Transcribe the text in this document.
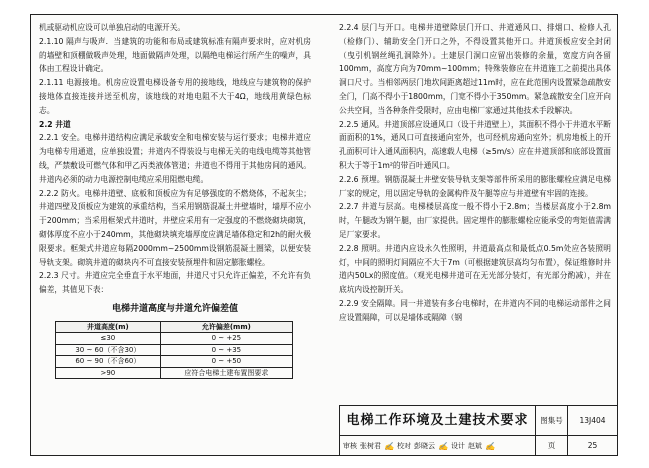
机或驱动机应设可以单独启动的电源开关。

2.1.10 隔声与吸声．当建筑的功能和布局或建筑标准有隔声要求时，应对机房的墙壁和顶棚做吸声处理，地面做隔声处理，以隔绝电梯运行所产生的噪声，具体由工程设计确定。

2.1.11 电源接地。机房应设置电梯设备专用的接地线，地线应与建筑物的保护接地体直接连接并送至机房，该地线的对地电阻不大于4Ω，地线用黄绿色标志。

2.2 井道

2.2.1 安全。电梯井道结构应满足承载安全和电梯安装与运行要求；电梯井道应为电梯专用通道，应单独设置；井道内不得装设与电梯无关的电线电缆等其他管线，严禁敷设可燃气体和甲乙丙类液体管道；井道也不得用于其他房间的通风。井道内必须的动力电源控制电缆应采用阻燃电缆。

2.2.2 防火。电梯井道壁、底板和顶板应为有足够强度的不燃烧体，不起灰尘；井道四壁及顶板应为建筑的承重结构，当采用钢筋混凝土井壁墙时，墙厚不应小于200mm；当采用框架式井道时，井壁应采用有一定强度的不燃烧砌块砌筑，砌体厚度不应小于240mm，其他砌块填充墙厚度应满足墙体稳定和2h的耐火极限要求。框架式井道应每隔2000mm~2500mm设钢筋混凝土圈梁，以便安装导轨支架。砌筑井道的砌块内不可直接安装预埋件和固定膨胀螺栓。

2.2.3 尺寸。井道应完全垂直于水平地面，井道尺寸只允许正偏差，不允许有负偏差，其值见下表：

电梯井道高度与井道允许偏差值
井道高度(m)	允许偏差(mm)
≤30	0 ~ +25
30 ~ 60（不含30）	0 ~ +35
60 ~ 90（不含60）	0 ~ +50
>90	应符合电梯土建布置图要求

2.2.4 层门与开口。电梯井道壁除层门开口、井道通风口、排烟口、检修人孔（检修门）、辅助安全门开口之外，不得设置其他开口。井道顶板应安全封闭（曳引机钢丝绳孔洞除外）。土建层门洞口应留出装修的余量，宽度方向各留100mm，高度方向为70mm~100mm；特殊装修应在井道施工之前提出具体洞口尺寸。当相邻两层门地坎间距离超过11m时，应在此范围内设置紧急疏散安全门，门高不得小于1800mm，门宽不得小于350mm。紧急疏散安全门应开向公共空间，当各种条件受限时，应由电梯厂家通过其他技术手段解决。

2.2.5 通风。井道顶部应设通风口（设于井道壁上），其面积不得小于井道水平断面面积的1%，通风口可直接通向室外，也可经机房通向室外；机房地板上的开孔面积可计入通风面积内，高速载人电梯（≥5m/s）应在井道顶部和底部设置面积大于等于1m²的带百叶通风口。

2.2.6 预埋。钢筋混凝土井壁安装导轨支架等部件所采用的膨胀螺栓应满足电梯厂家的规定，用以固定导轨的金属构件及午腿等应与井道壁有牢固的连接。

2.2.7 井道与层高。电梯楼层高度一般不得小于2.8m；当楼层高度小于2.8m时，午腿改为钢午腿，由厂家提供。固定埋件的膨胀螺栓应能承受的弯矩值需满足厂家要求。

2.2.8 照明。井道内应设永久性照明，井道最高点和最低点0.5m处应各装照明灯，中间的照明灯间隔应不大于7m（可根据建筑层高均匀布置），保证维修时井道内50Lx的照度值。（观光电梯井道可在无光部分装灯，有光部分酌减），并在底坑内设控制开关。

2.2.9 安全隔障。同一井道装有多台电梯时，在井道内不同的电梯运动部件之间应设置隔障，可以是墙体或隔障（钢

电梯工作环境及土建技术要求	图集号	13J404
审核 张树君 ✍ 校对 彭晓云 ✍ 设计 赵斌 ✍	页	25
